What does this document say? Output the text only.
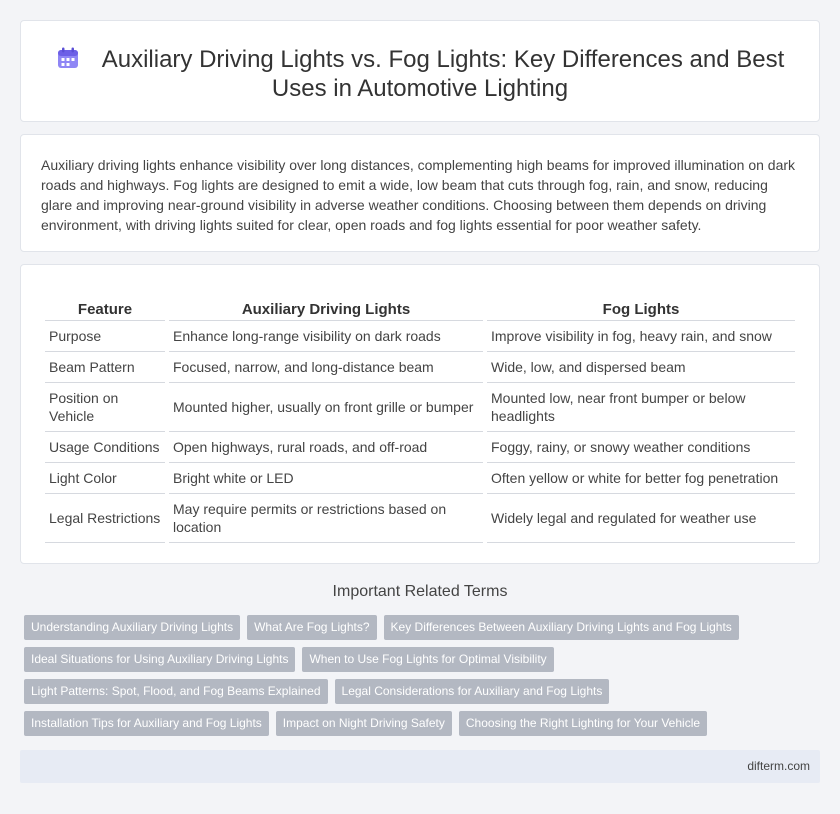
Auxiliary Driving Lights vs. Fog Lights: Key Differences and Best Uses in Automotive Lighting

Auxiliary driving lights enhance visibility over long distances, complementing high beams for improved illumination on dark roads and highways. Fog lights are designed to emit a wide, low beam that cuts through fog, rain, and snow, reducing glare and improving near-ground visibility in adverse weather conditions. Choosing between them depends on driving environment, with driving lights suited for clear, open roads and fog lights essential for poor weather safety.

Feature	Auxiliary Driving Lights	Fog Lights
Purpose	Enhance long-range visibility on dark roads	Improve visibility in fog, heavy rain, and snow
Beam Pattern	Focused, narrow, and long-distance beam	Wide, low, and dispersed beam
Position on Vehicle	Mounted higher, usually on front grille or bumper	Mounted low, near front bumper or below headlights
Usage Conditions	Open highways, rural roads, and off-road	Foggy, rainy, or snowy weather conditions
Light Color	Bright white or LED	Often yellow or white for better fog penetration
Legal Restrictions	May require permits or restrictions based on location	Widely legal and regulated for weather use
Important Related Terms
Understanding Auxiliary Driving Lights What Are Fog Lights? Key Differences Between Auxiliary Driving Lights and Fog Lights
Ideal Situations for Using Auxiliary Driving Lights When to Use Fog Lights for Optimal Visibility
Light Patterns: Spot, Flood, and Fog Beams Explained Legal Considerations for Auxiliary and Fog Lights
Installation Tips for Auxiliary and Fog Lights Impact on Night Driving Safety Choosing the Right Lighting for Your Vehicle
difterm.com
